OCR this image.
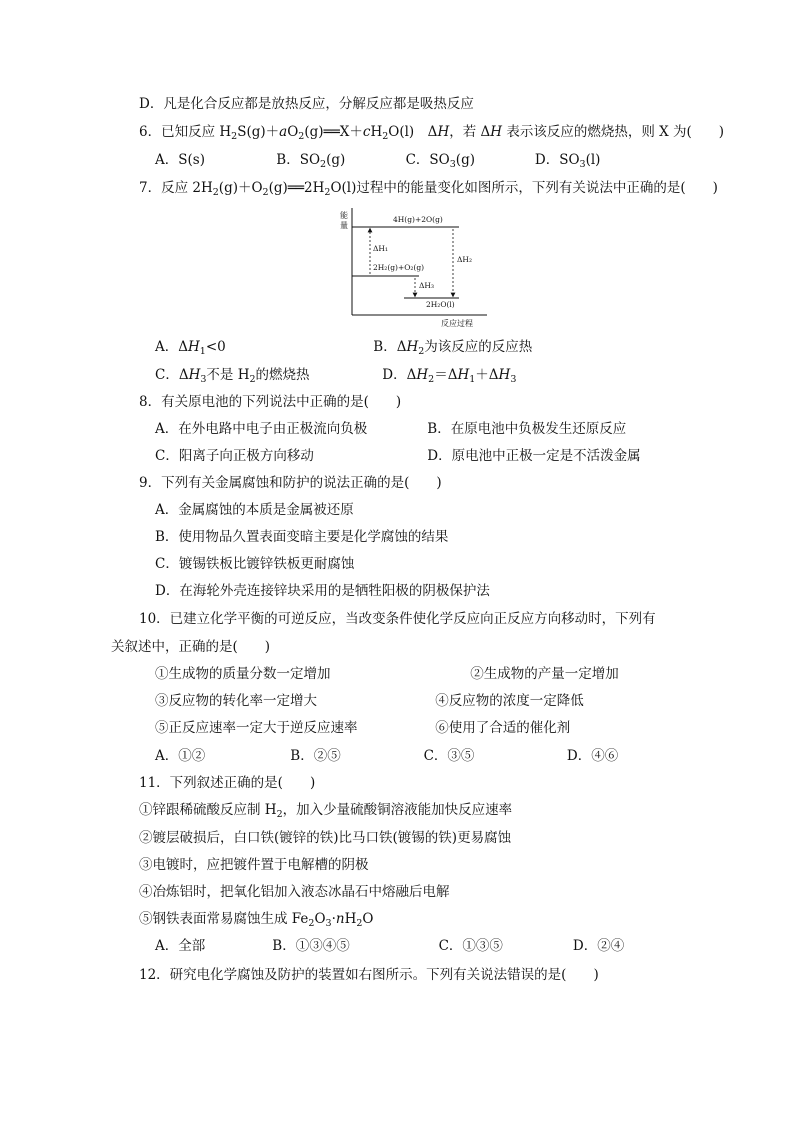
D．凡是化合反应都是放热反应，分解反应都是吸热反应
6．已知反应 $H_2S(g)+aO_2(g)══X+cH_2O(l)$　ΔH，若 ΔH 表示该反应的燃烧热，则 X 为(　　)
A．S(s)	B．$SO_2(g)$	C．$SO_3(g)$	D．$SO_3(l)$
7．反应 $2H_2(g)+O_2(g)══2H_2O(l)$过程中的能量变化如图所示，下列有关说法中正确的是(　　)
能
量
反应过程
4H(g)+2O(g)
2H₂(g)+O₂(g)
2H₂O(l)
ΔH₁
ΔH₂
ΔH₃
A．$\Delta H_1<0$	B．$\Delta H_2$为该反应的反应热
C．$\Delta H_3$不是 $H_2$的燃烧热	D．$\Delta H_2=\Delta H_1+\Delta H_3$
8．有关原电池的下列说法中正确的是(　　)
A．在外电路中电子由正极流向负极	B．在原电池中负极发生还原反应
C．阳离子向正极方向移动	D．原电池中正极一定是不活泼金属
9．下列有关金属腐蚀和防护的说法正确的是(　　)
A．金属腐蚀的本质是金属被还原
B．使用物品久置表面变暗主要是化学腐蚀的结果
C．镀锡铁板比镀锌铁板更耐腐蚀
D．在海轮外壳连接锌块采用的是牺牲阳极的阴极保护法
10．已建立化学平衡的可逆反应，当改变条件使化学反应向正反应方向移动时，下列有
关叙述中，正确的是(　　)
①生成物的质量分数一定增加	②生成物的产量一定增加
③反应物的转化率一定增大	④反应物的浓度一定降低
⑤正反应速率一定大于逆反应速率	⑥使用了合适的催化剂
A．①②	B．②⑤	C．③⑤	D．④⑥
11．下列叙述正确的是(　　)
①锌跟稀硫酸反应制 $H_2$，加入少量硫酸铜溶液能加快反应速率
②镀层破损后，白口铁(镀锌的铁)比马口铁(镀锡的铁)更易腐蚀
③电镀时，应把镀件置于电解槽的阴极
④冶炼铝时，把氧化铝加入液态冰晶石中熔融后电解
⑤钢铁表面常易腐蚀生成 $Fe_2O_3\cdot nH_2O$
A．全部	B．①③④⑤	C．①③⑤	D．②④
12．研究电化学腐蚀及防护的装置如右图所示。下列有关说法错误的是(　　)
